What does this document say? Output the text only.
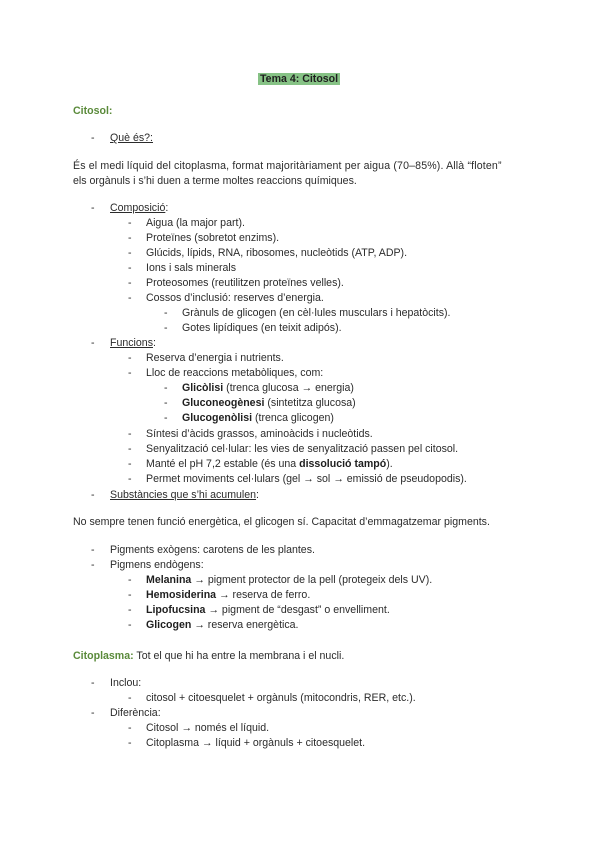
Tema 4: Citosol
Citosol:
- Què és?:
És el medi líquid del citoplasma, format majoritàriament per aigua (70–85%). Allà “floten”
els orgànuls i s’hi duen a terme moltes reaccions químiques.
- Composició:
- Aigua (la major part).
- Proteïnes (sobretot enzims).
- Glúcids, lípids, RNA, ribosomes, nucleòtids (ATP, ADP).
- Ions i sals minerals
- Proteosomes (reutilitzen proteïnes velles).
- Cossos d’inclusió: reserves d’energia.
- Grànuls de glicogen (en cèl·lules musculars i hepatòcits).
- Gotes lipídiques (en teixit adipós).
- Funcions:
- Reserva d’energia i nutrients.
- Lloc de reaccions metabòliques, com:
- Glicòlisi (trenca glucosa → energia)
- Gluconeogènesi (sintetitza glucosa)
- Glucogenòlisi (trenca glicogen)
- Síntesi d’àcids grassos, aminoàcids i nucleòtids.
- Senyalització cel·lular: les vies de senyalització passen pel citosol.
- Manté el pH 7,2 estable (és una dissolució tampó).
- Permet moviments cel·lulars (gel → sol → emissió de pseudopodis).
- Substàncies que s’hi acumulen:
No sempre tenen funció energètica, el glicogen sí. Capacitat d’emmagatzemar pigments.
- Pigments exògens: carotens de les plantes.
- Pigmens endògens:
- Melanina → pigment protector de la pell (protegeix dels UV).
- Hemosiderina → reserva de ferro.
- Lipofucsina → pigment de “desgast” o envelliment.
- Glicogen → reserva energètica.
Citoplasma: Tot el que hi ha entre la membrana i el nucli.
- Inclou:
- citosol + citoesquelet + orgànuls (mitocondris, RER, etc.).
- Diferència:
- Citosol → només el líquid.
- Citoplasma → líquid + orgànuls + citoesquelet.
